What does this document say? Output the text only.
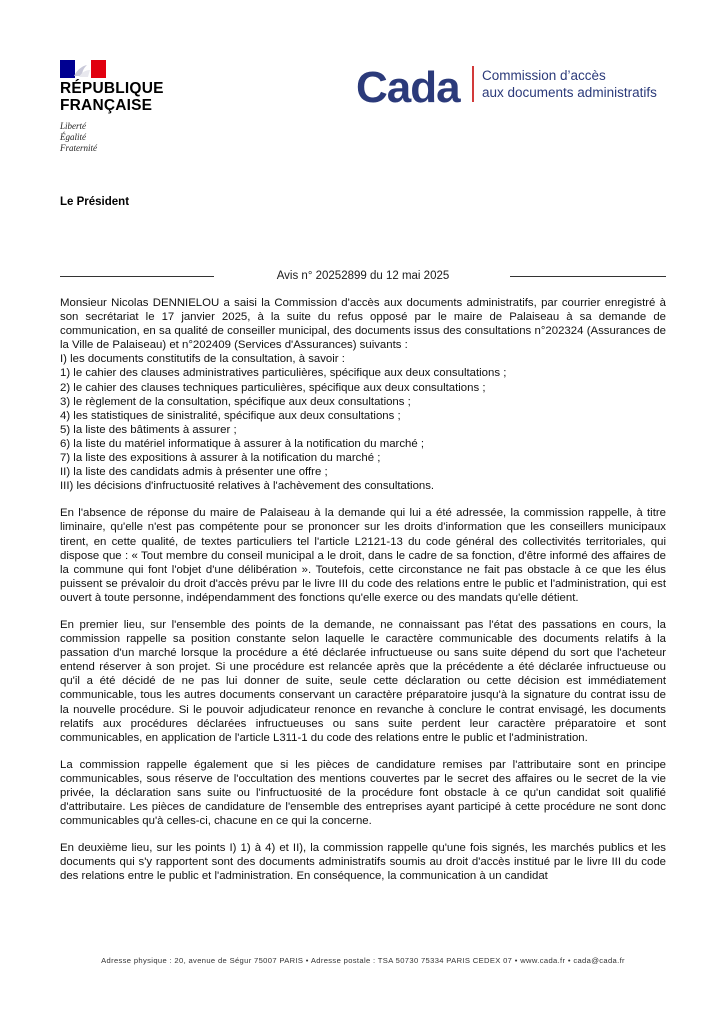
RÉPUBLIQUE
FRANÇAISE
Liberté
Égalité
Fraternité
Cada Commission d’accès
aux documents administratifs
Le Président
Avis n° 20252899 du 12 mai 2025

Monsieur Nicolas DENNIELOU a saisi la Commission d'accès aux documents administratifs, par courrier enregistré à son secrétariat le 17 janvier 2025, à la suite du refus opposé par le maire de Palaiseau à sa demande de communication, en sa qualité de conseiller municipal, des documents issus des consultations n°202324 (Assurances de la Ville de Palaiseau) et n°202409 (Services d'Assurances) suivants :
I) les documents constitutifs de la consultation, à savoir :
1) le cahier des clauses administratives particulières, spécifique aux deux consultations ;
2) le cahier des clauses techniques particulières, spécifique aux deux consultations ;
3) le règlement de la consultation, spécifique aux deux consultations ;
4) les statistiques de sinistralité, spécifique aux deux consultations ;
5) la liste des bâtiments à assurer ;
6) la liste du matériel informatique à assurer à la notification du marché ;
7) la liste des expositions à assurer à la notification du marché ;
II) la liste des candidats admis à présenter une offre ;
III) les décisions d'infructuosité relatives à l'achèvement des consultations.

En l'absence de réponse du maire de Palaiseau à la demande qui lui a été adressée, la commission rappelle, à titre liminaire, qu'elle n'est pas compétente pour se prononcer sur les droits d'information que les conseillers municipaux tirent, en cette qualité, de textes particuliers tel l'article L2121-13 du code général des collectivités territoriales, qui dispose que : « Tout membre du conseil municipal a le droit, dans le cadre de sa fonction, d'être informé des affaires de la commune qui font l'objet d'une délibération ». Toutefois, cette circonstance ne fait pas obstacle à ce que les élus puissent se prévaloir du droit d'accès prévu par le livre III du code des relations entre le public et l'administration, qui est ouvert à toute personne, indépendamment des fonctions qu'elle exerce ou des mandats qu'elle détient.

En premier lieu, sur l'ensemble des points de la demande, ne connaissant pas l'état des passations en cours, la commission rappelle sa position constante selon laquelle le caractère communicable des documents relatifs à la passation d'un marché lorsque la procédure a été déclarée infructueuse ou sans suite dépend du sort que l'acheteur entend réserver à son projet. Si une procédure est relancée après que la précédente a été déclarée infructueuse ou qu'il a été décidé de ne pas lui donner de suite, seule cette déclaration ou cette décision est immédiatement communicable, tous les autres documents conservant un caractère préparatoire jusqu'à la signature du contrat issu de la nouvelle procédure. Si le pouvoir adjudicateur renonce en revanche à conclure le contrat envisagé, les documents relatifs aux procédures déclarées infructueuses ou sans suite perdent leur caractère préparatoire et sont communicables, en application de l'article L311-1 du code des relations entre le public et l'administration.

La commission rappelle également que si les pièces de candidature remises par l'attributaire sont en principe communicables, sous réserve de l'occultation des mentions couvertes par le secret des affaires ou le secret de la vie privée, la déclaration sans suite ou l'infructuosité de la procédure font obstacle à ce qu'un candidat soit qualifié d'attributaire. Les pièces de candidature de l'ensemble des entreprises ayant participé à cette procédure ne sont donc communicables qu'à celles-ci, chacune en ce qui la concerne.

En deuxième lieu, sur les points I) 1) à 4) et II), la commission rappelle qu'une fois signés, les marchés publics et les documents qui s'y rapportent sont des documents administratifs soumis au droit d'accès institué par le livre III du code des relations entre le public et l'administration. En conséquence, la communication à un candidat

Adresse physique : 20, avenue de Ségur 75007 PARIS • Adresse postale : TSA 50730 75334 PARIS CEDEX 07 • www.cada.fr • cada@cada.fr
